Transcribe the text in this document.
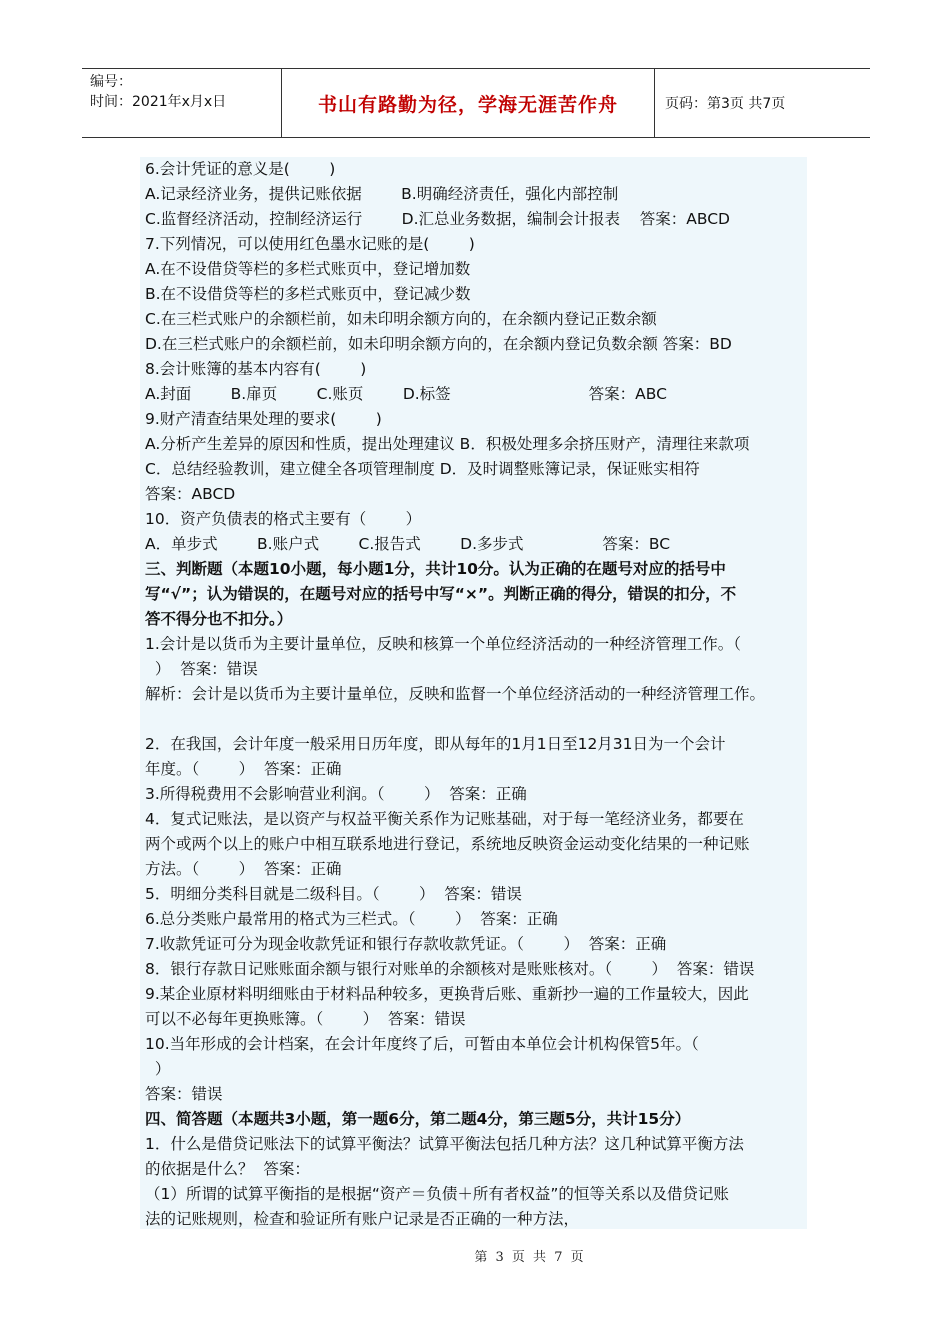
编号：
时间：2021年x月x日	书山有路勤为径，学海无涯苦作舟	页码：第3页 共7页
6.会计凭证的意义是(        )
A.记录经济业务，提供记账依据        B.明确经济责任，强化内部控制
C.监督经济活动，控制经济运行        D.汇总业务数据，编制会计报表    答案：ABCD
7.下列情况，可以使用红色墨水记账的是(        )
A.在不设借贷等栏的多栏式账页中，登记增加数
B.在不设借贷等栏的多栏式账页中，登记减少数
C.在三栏式账户的余额栏前，如未印明余额方向的，在余额内登记正数余额
D.在三栏式账户的余额栏前，如未印明余额方向的，在余额内登记负数余额 答案：BD
8.会计账簿的基本内容有(        )
A.封面        B.扉页        C.账页        D.标签                            答案：ABC
9.财产清查结果处理的要求(        )
A.分析产生差异的原因和性质，提出处理建议 B．积极处理多余挤压财产，清理往来款项
C．总结经验教训，建立健全各项管理制度 D．及时调整账簿记录，保证账实相符
答案：ABCD
10．资产负债表的格式主要有（        ）
A．单步式        B.账户式        C.报告式        D.多步式                答案：BC
三、判断题（本题10小题，每小题1分，共计10分。认为正确的在题号对应的括号中
写“√”；认为错误的，在题号对应的括号中写“×”。判断正确的得分，错误的扣分，不
答不得分也不扣分。）
1.会计是以货币为主要计量单位，反映和核算一个单位经济活动的一种经济管理工作。（
）  答案：错误
解析：会计是以货币为主要计量单位，反映和监督一个单位经济活动的一种经济管理工作。
2．在我国，会计年度一般采用日历年度，即从每年的1月1日至12月31日为一个会计
年度。（        ）  答案：正确
3.所得税费用不会影响营业利润。（        ）  答案：正确
4．复式记账法，是以资产与权益平衡关系作为记账基础，对于每一笔经济业务，都要在
两个或两个以上的账户中相互联系地进行登记，系统地反映资金运动变化结果的一种记账
方法。（        ）  答案：正确
5．明细分类科目就是二级科目。（        ）  答案：错误
6.总分类账户最常用的格式为三栏式。（        ）  答案：正确
7.收款凭证可分为现金收款凭证和银行存款收款凭证。（        ）  答案：正确
8．银行存款日记账账面余额与银行对账单的余额核对是账账核对。（        ）  答案：错误
9.某企业原材料明细账由于材料品种较多，更换背后账、重新抄一遍的工作量较大，因此
可以不必每年更换账簿。（        ）  答案：错误
10.当年形成的会计档案，在会计年度终了后，可暂由本单位会计机构保管5年。（
）
答案：错误
四、简答题（本题共3小题，第一题6分，第二题4分，第三题5分，共计15分）
1．什么是借贷记账法下的试算平衡法？试算平衡法包括几种方法？这几种试算平衡方法
的依据是什么？  答案：
（1）所谓的试算平衡指的是根据“资产＝负债＋所有者权益”的恒等关系以及借贷记账
法的记账规则，检查和验证所有账户记录是否正确的一种方法，
第 3 页 共 7 页
